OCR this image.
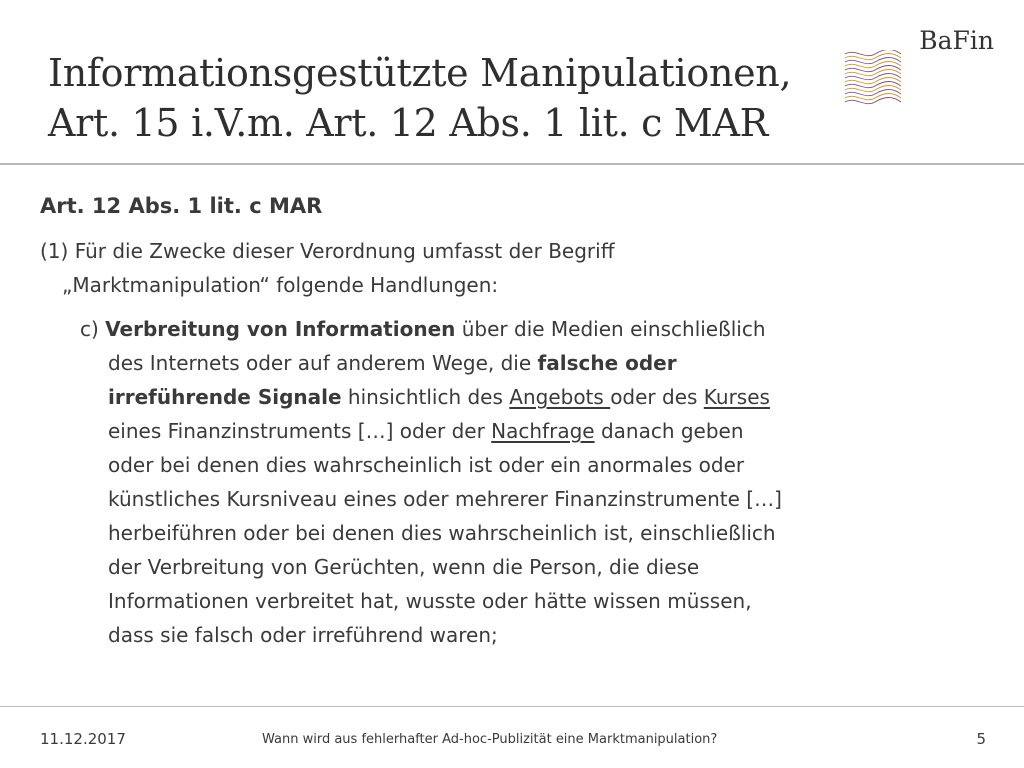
Informationsgestützte Manipulationen,
Art. 15 i.V.m. Art. 12 Abs. 1 lit. c MAR
BaFin
Art. 12 Abs. 1 lit. c MAR

(1) Für die Zwecke dieser Verordnung umfasst der Begriff
„Marktmanipulation“ folgende Handlungen:

c) Verbreitung von Informationen über die Medien einschließlich
des Internets oder auf anderem Wege, die falsche oder
irreführende Signale hinsichtlich des Angebots oder des Kurses
eines Finanzinstruments […] oder der Nachfrage danach geben
oder bei denen dies wahrscheinlich ist oder ein anormales oder
künstliches Kursniveau eines oder mehrerer Finanzinstrumente […]
herbeiführen oder bei denen dies wahrscheinlich ist, einschließlich
der Verbreitung von Gerüchten, wenn die Person, die diese
Informationen verbreitet hat, wusste oder hätte wissen müssen,
dass sie falsch oder irreführend waren;

11.12.2017	Wann wird aus fehlerhafter Ad-hoc-Publizität eine Marktmanipulation?	5
